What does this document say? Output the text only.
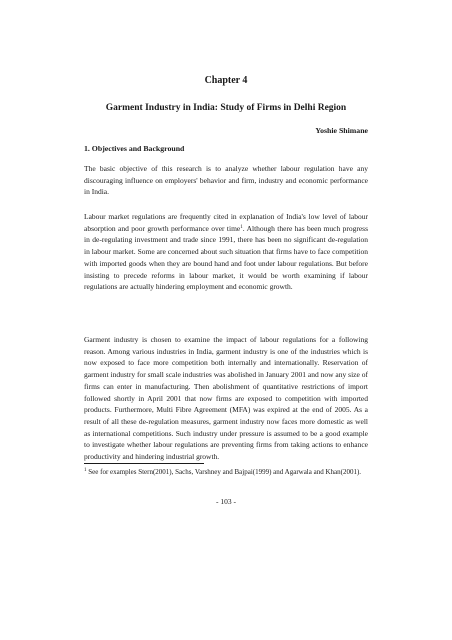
Chapter 4
Garment Industry in India: Study of Firms in Delhi Region
Yoshie Shimane
1. Objectives and Background

The basic objective of this research is to analyze whether labour regulation have any discouraging influence on employers' behavior and firm, industry and economic performance in India.

Labour market regulations are frequently cited in explanation of India's low level of labour absorption and poor growth performance over time$^1$. Although there has been much progress in de-regulating investment and trade since 1991, there has been no significant de-regulation in labour market. Some are concerned about such situation that firms have to face competition with imported goods when they are bound hand and foot under labour regulations. But before insisting to precede reforms in labour market, it would be worth examining if labour regulations are actually hindering employment and economic growth.

Garment industry is chosen to examine the impact of labour regulations for a following reason. Among various industries in India, garment industry is one of the industries which is now exposed to face more competition both internally and internationally. Reservation of garment industry for small scale industries was abolished in January 2001 and now any size of firms can enter in manufacturing. Then abolishment of quantitative restrictions of import followed shortly in April 2001 that now firms are exposed to competition with imported products. Furthermore, Multi Fibre Agreement (MFA) was expired at the end of 2005. As a result of all these de-regulation measures, garment industry now faces more domestic as well as international competitions. Such industry under pressure is assumed to be a good example to investigate whether labour regulations are preventing firms from taking actions to enhance productivity and hindering industrial growth.

$^1$ See for examples Stern(2001), Sachs, Varshney and Bajpai(1999) and Agarwala and Khan(2001).

- 103 -
